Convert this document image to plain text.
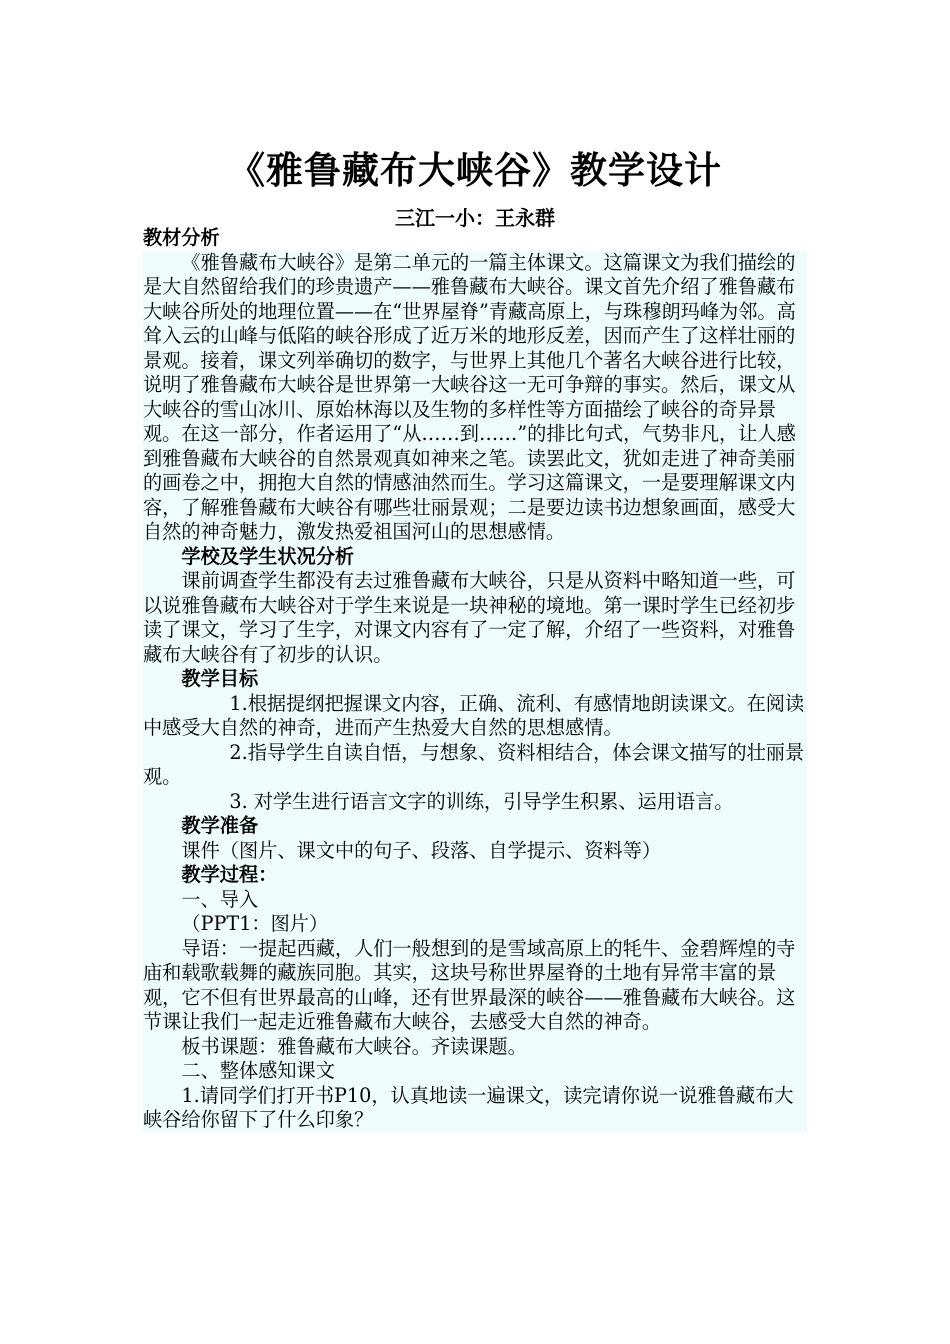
《雅鲁藏布大峡谷》教学设计
三江一小：王永群

教材分析

《雅鲁藏布大峡谷》是第二单元的一篇主体课文。这篇课文为我们描绘的是大自然留给我们的珍贵遗产——雅鲁藏布大峡谷。课文首先介绍了雅鲁藏布大峡谷所处的地理位置——在“世界屋脊”青藏高原上，与珠穆朗玛峰为邻。高耸入云的山峰与低陷的峡谷形成了近万米的地形反差，因而产生了这样壮丽的景观。接着，课文列举确切的数字，与世界上其他几个著名大峡谷进行比较，说明了雅鲁藏布大峡谷是世界第一大峡谷这一无可争辩的事实。然后，课文从大峡谷的雪山冰川、原始林海以及生物的多样性等方面描绘了峡谷的奇异景观。在这一部分，作者运用了“从……到……”的排比句式，气势非凡，让人感到雅鲁藏布大峡谷的自然景观真如神来之笔。读罢此文，犹如走进了神奇美丽的画卷之中，拥抱大自然的情感油然而生。学习这篇课文，一是要理解课文内容，了解雅鲁藏布大峡谷有哪些壮丽景观；二是要边读书边想象画面，感受大自然的神奇魅力，激发热爱祖国河山的思想感情。

学校及学生状况分析

课前调查学生都没有去过雅鲁藏布大峡谷，只是从资料中略知道一些，可以说雅鲁藏布大峡谷对于学生来说是一块神秘的境地。第一课时学生已经初步读了课文，学习了生字，对课文内容有了一定了解，介绍了一些资料，对雅鲁藏布大峡谷有了初步的认识。

教学目标

1.根据提纲把握课文内容，正确、流利、有感情地朗读课文。在阅读中感受大自然的神奇，进而产生热爱大自然的思想感情。

2.指导学生自读自悟，与想象、资料相结合，体会课文描写的壮丽景观。

3. 对学生进行语言文字的训练，引导学生积累、运用语言。

教学准备

课件（图片、课文中的句子、段落、自学提示、资料等）

教学过程：

一、导入

（PPT1：图片）

导语：一提起西藏，人们一般想到的是雪域高原上的牦牛、金碧辉煌的寺庙和载歌载舞的藏族同胞。其实，这块号称世界屋脊的土地有异常丰富的景观，它不但有世界最高的山峰，还有世界最深的峡谷——雅鲁藏布大峡谷。这节课让我们一起走近雅鲁藏布大峡谷，去感受大自然的神奇。

板书课题：雅鲁藏布大峡谷。齐读课题。

二、整体感知课文

1.请同学们打开书P10，认真地读一遍课文，读完请你说一说雅鲁藏布大峡谷给你留下了什么印象？
